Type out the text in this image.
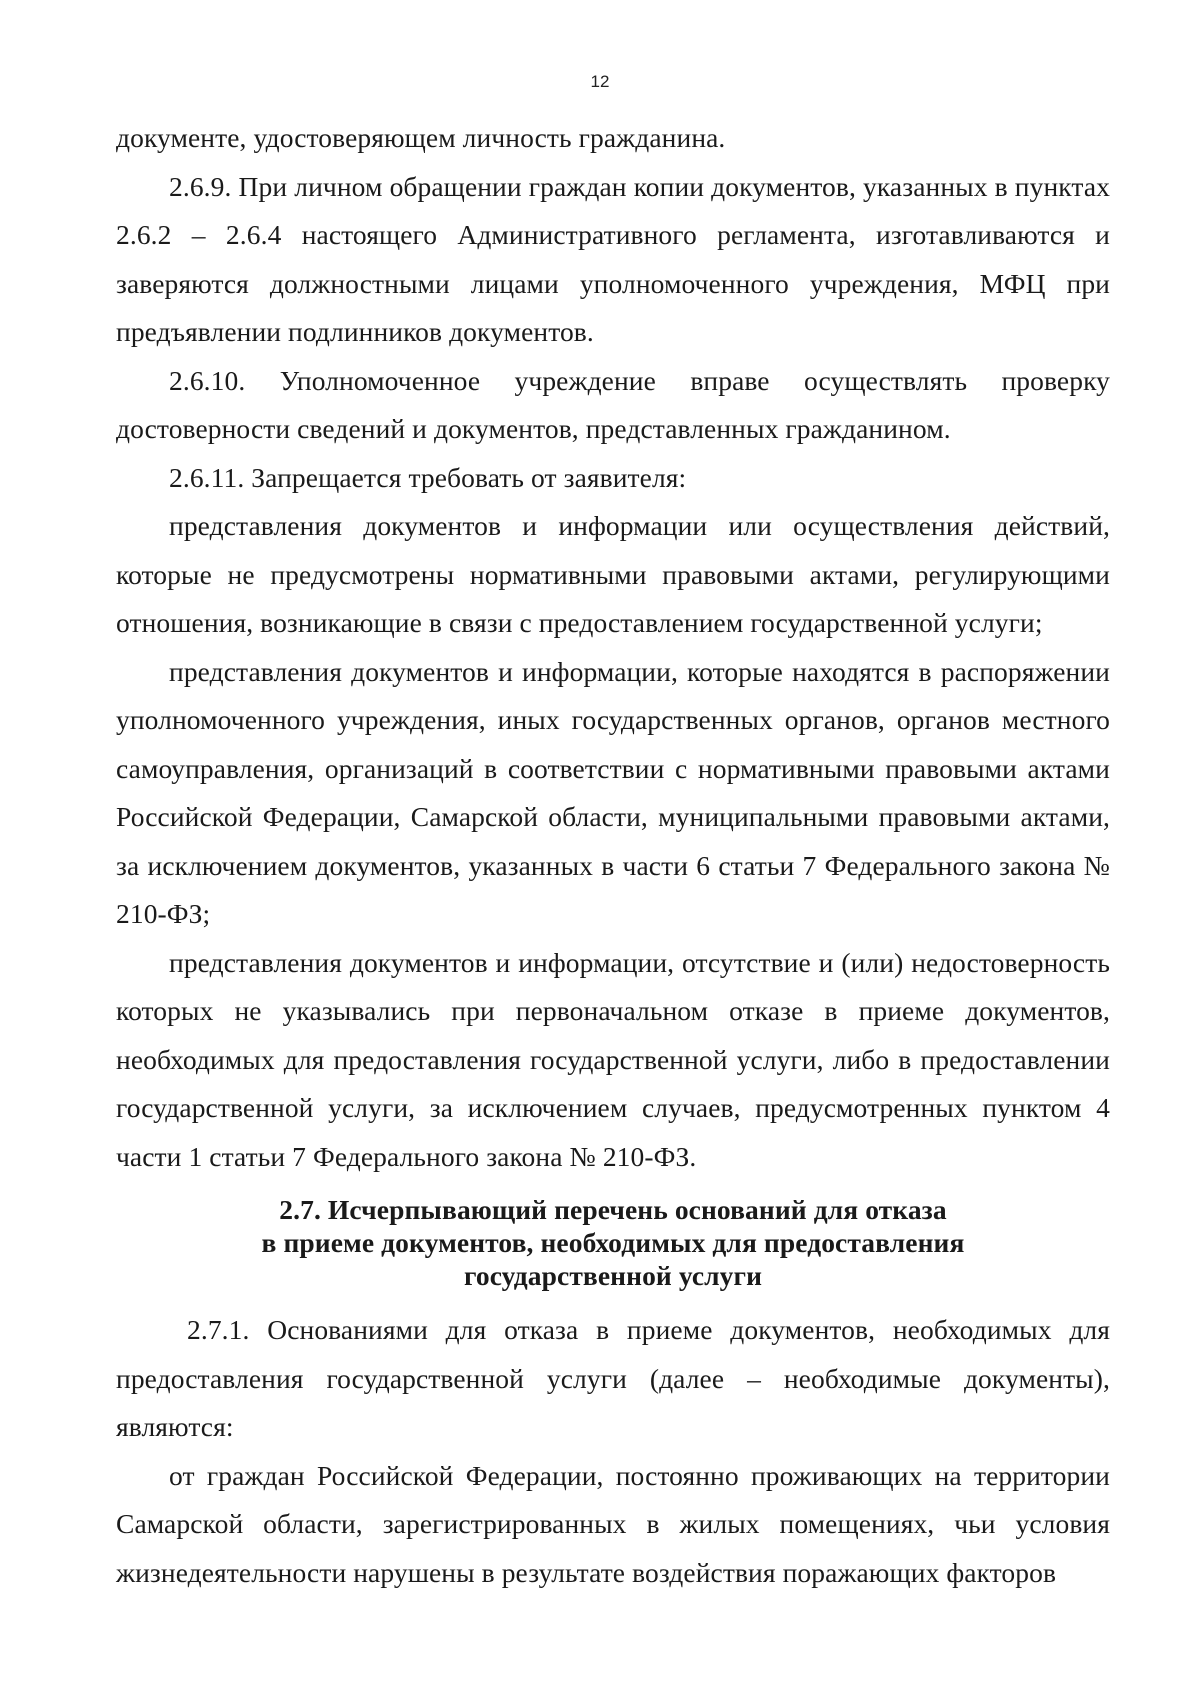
12

документе, удостоверяющем личность гражданина.

2.6.9. При личном обращении граждан копии документов, указанных в пунктах 2.6.2 – 2.6.4 настоящего Административного регламента, изготавливаются и заверяются должностными лицами уполномоченного учреждения, МФЦ при предъявлении подлинников документов.

2.6.10. Уполномоченное учреждение вправе осуществлять проверку достоверности сведений и документов, представленных гражданином.

2.6.11. Запрещается требовать от заявителя:

представления документов и информации или осуществления действий, которые не предусмотрены нормативными правовыми актами, регулирующими отношения, возникающие в связи с предоставлением государственной услуги;

представления документов и информации, которые находятся в распоряжении уполномоченного учреждения, иных государственных органов, органов местного самоуправления, организаций в соответствии с нормативными правовыми актами Российской Федерации, Самарской области, муниципальными правовыми актами, за исключением документов, указанных в части 6 статьи 7 Федерального закона № 210-ФЗ;

представления документов и информации, отсутствие и (или) недостоверность которых не указывались при первоначальном отказе в приеме документов, необходимых для предоставления государственной услуги, либо в предоставлении государственной услуги, за исключением случаев, предусмотренных пунктом 4 части 1 статьи 7 Федерального закона № 210-ФЗ.

2.7. Исчерпывающий перечень оснований для отказа
в приеме документов, необходимых для предоставления
государственной услуги

2.7.1. Основаниями для отказа в приеме документов, необходимых для предоставления государственной услуги (далее – необходимые документы), являются:

от граждан Российской Федерации, постоянно проживающих на территории Самарской области, зарегистрированных в жилых помещениях, чьи условия жизнедеятельности нарушены в результате воздействия поражающих факторов
